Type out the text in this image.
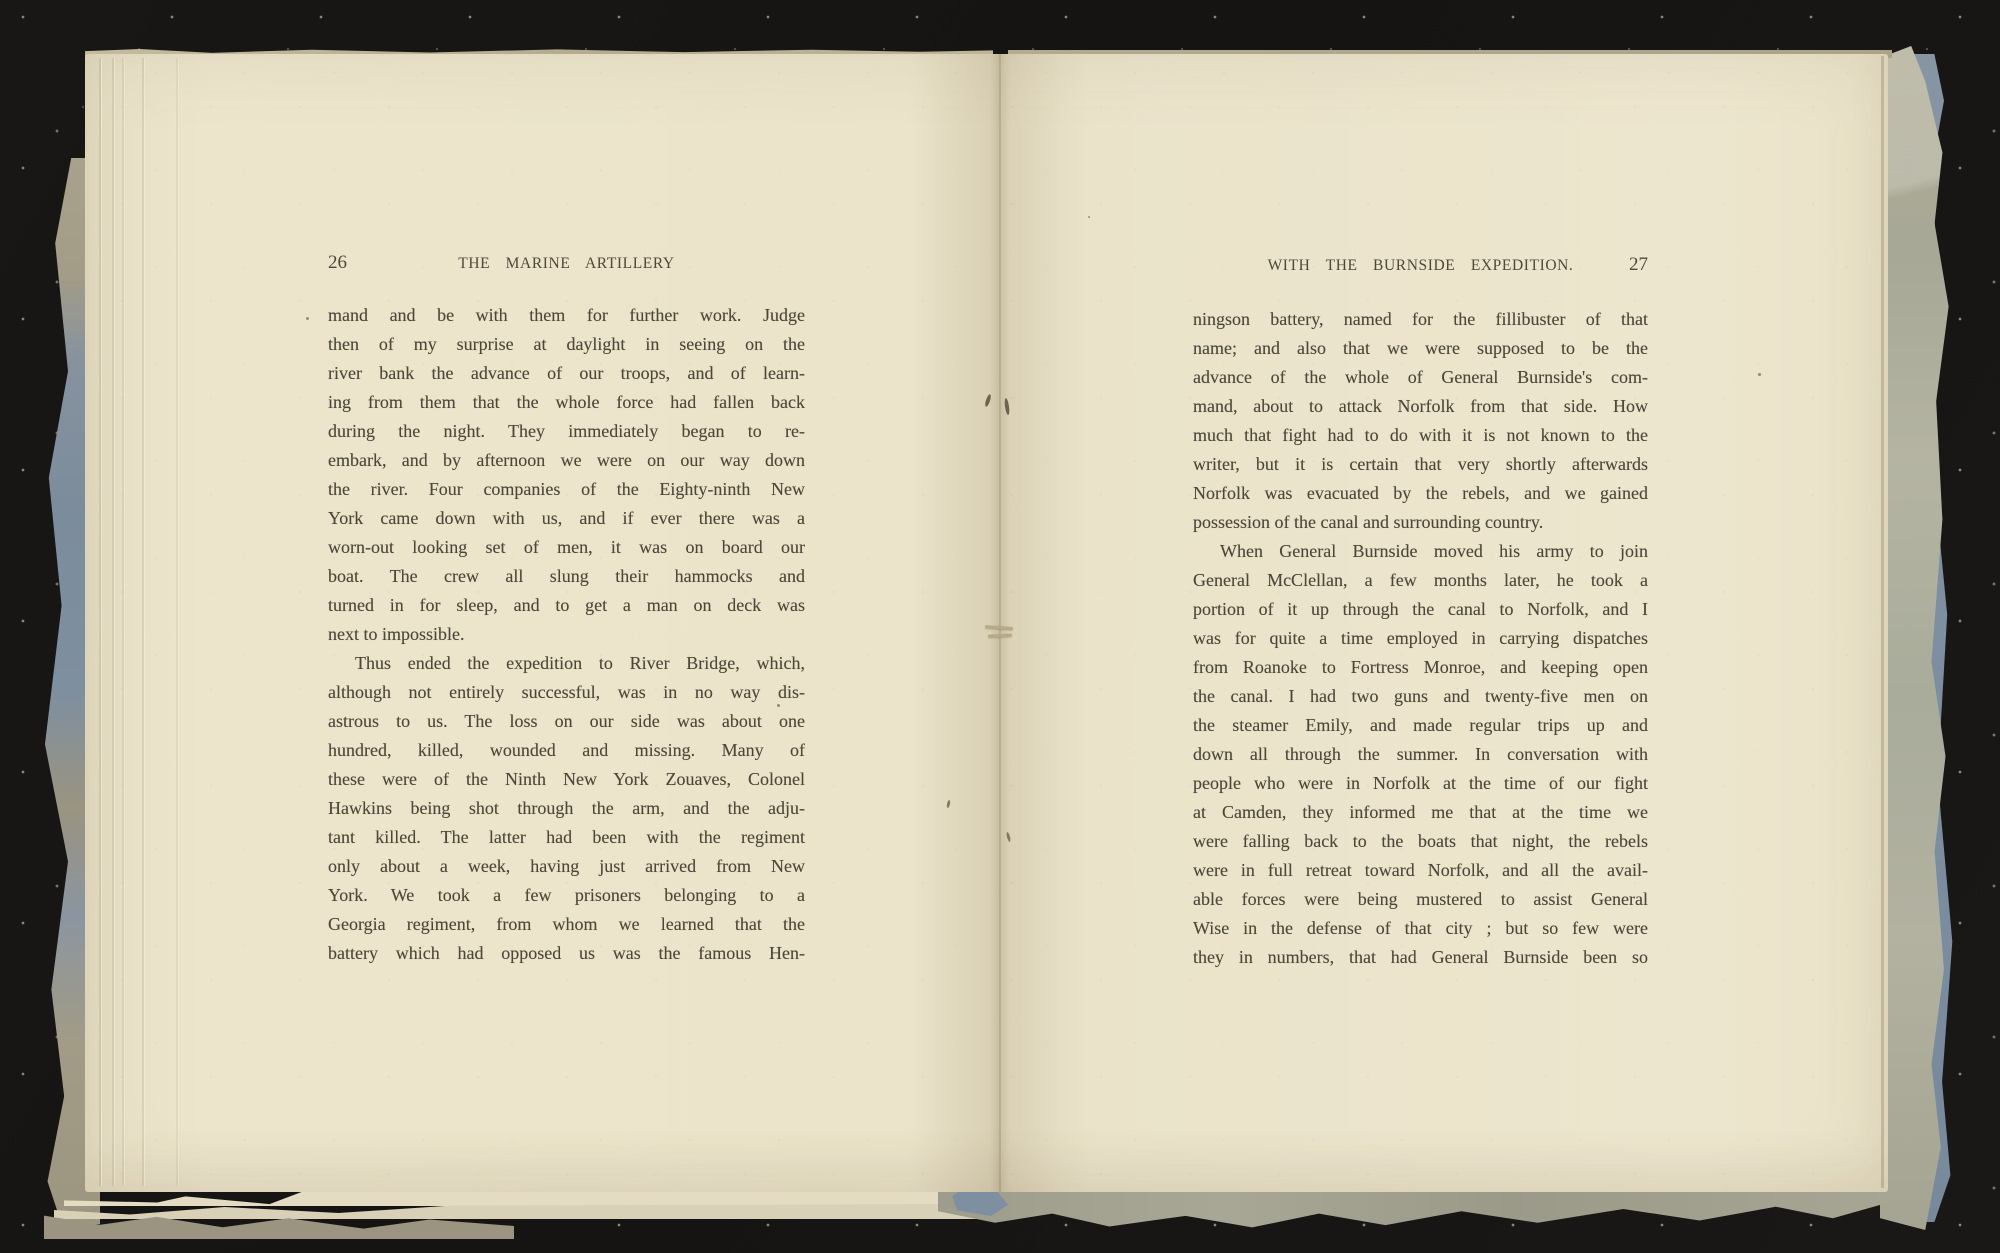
26	THE MARINE ARTILLERY
mand and be with them for further work. Judge
then of my surprise at daylight in seeing on the
river bank the advance of our troops, and of learn-
ing from them that the whole force had fallen back
during the night. They immediately began to re-
embark, and by afternoon we were on our way down
the river. Four companies of the Eighty-ninth New
York came down with us, and if ever there was a
worn-out looking set of men, it was on board our
boat. The crew all slung their hammocks and
turned in for sleep, and to get a man on deck was
next to impossible.
Thus ended the expedition to River Bridge, which,
although not entirely successful, was in no way dis-
astrous to us. The loss on our side was about one
hundred, killed, wounded and missing. Many of
these were of the Ninth New York Zouaves, Colonel
Hawkins being shot through the arm, and the adju-
tant killed. The latter had been with the regiment
only about a week, having just arrived from New
York. We took a few prisoners belonging to a
Georgia regiment, from whom we learned that the
battery which had opposed us was the famous Hen-
WITH THE BURNSIDE EXPEDITION.	27
ningson battery, named for the fillibuster of that
name; and also that we were supposed to be the
advance of the whole of General Burnside's com-
mand, about to attack Norfolk from that side. How
much that fight had to do with it is not known to the
writer, but it is certain that very shortly afterwards
Norfolk was evacuated by the rebels, and we gained
possession of the canal and surrounding country.
When General Burnside moved his army to join
General McClellan, a few months later, he took a
portion of it up through the canal to Norfolk, and I
was for quite a time employed in carrying dispatches
from Roanoke to Fortress Monroe, and keeping open
the canal. I had two guns and twenty-five men on
the steamer Emily, and made regular trips up and
down all through the summer. In conversation with
people who were in Norfolk at the time of our fight
at Camden, they informed me that at the time we
were falling back to the boats that night, the rebels
were in full retreat toward Norfolk, and all the avail-
able forces were being mustered to assist General
Wise in the defense of that city ; but so few were
they in numbers, that had General Burnside been so
